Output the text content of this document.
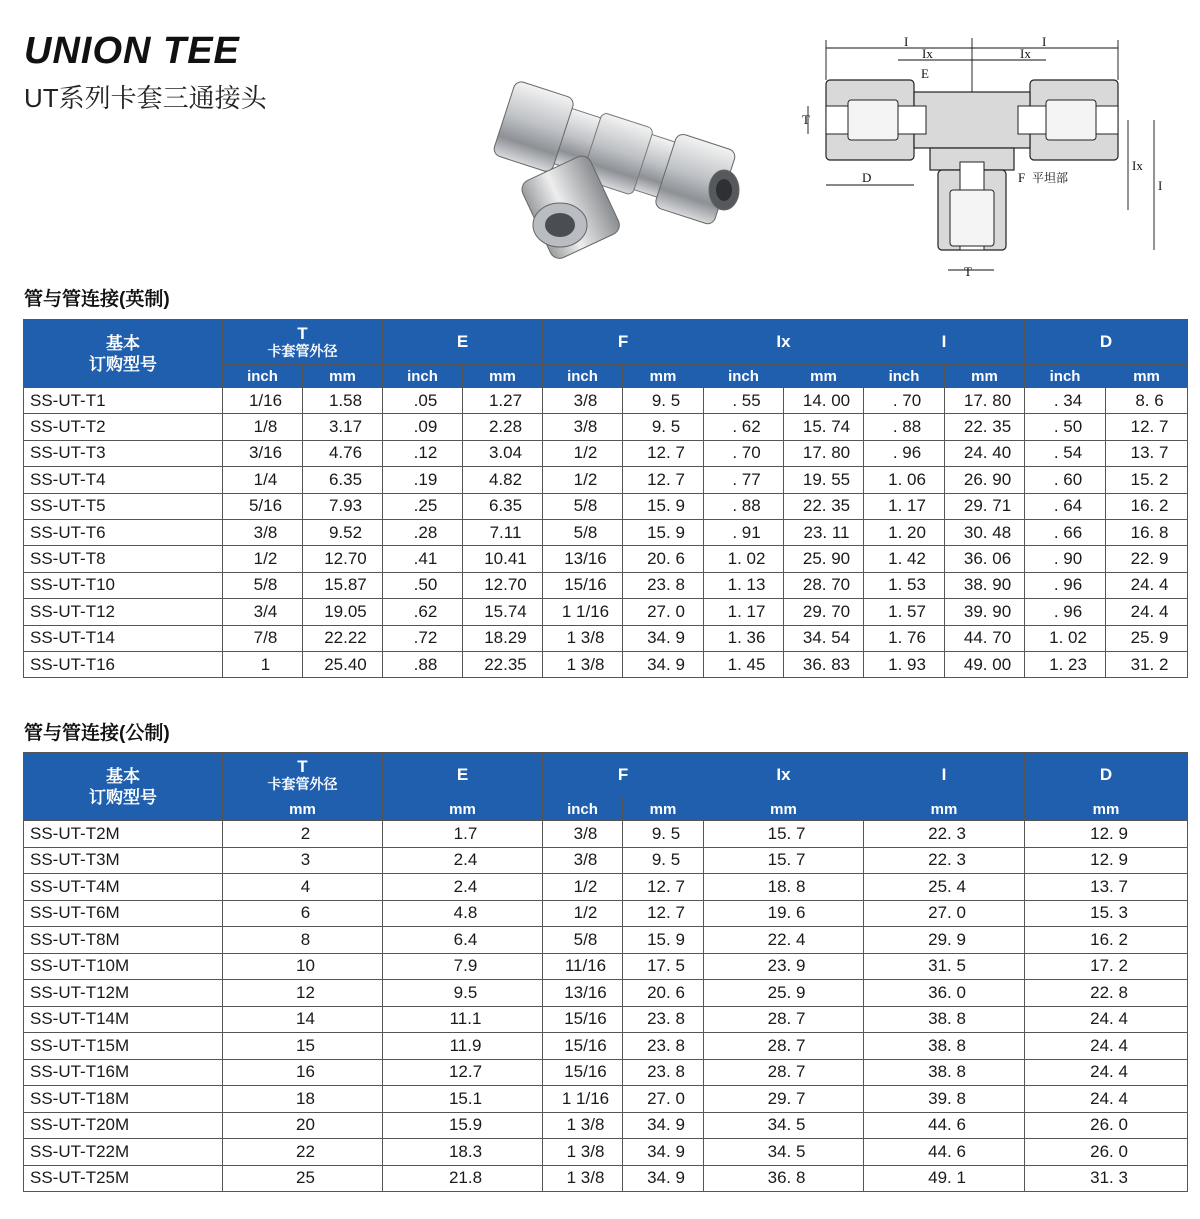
UNION TEE
UT系列卡套三通接头
I
Ix	Ix
I
E
T
D	F 平坦部
Ix
I
T
管与管连接(英制)
基本
订购型号	T
卡套管外径		E		F		Ix		I		D	
	inch	mm	inch	mm	inch	mm	inch	mm	inch	mm	inch	mm
SS-UT-T1	1/16	1.58	.05	1.27	3/8	9. 5	. 55	14. 00	. 70	17. 80	. 34	8. 6
SS-UT-T2	1/8	3.17	.09	2.28	3/8	9. 5	. 62	15. 74	. 88	22. 35	. 50	12. 7
SS-UT-T3	3/16	4.76	.12	3.04	1/2	12. 7	. 70	17. 80	. 96	24. 40	. 54	13. 7
SS-UT-T4	1/4	6.35	.19	4.82	1/2	12. 7	. 77	19. 55	1. 06	26. 90	. 60	15. 2
SS-UT-T5	5/16	7.93	.25	6.35	5/8	15. 9	. 88	22. 35	1. 17	29. 71	. 64	16. 2
SS-UT-T6	3/8	9.52	.28	7.11	5/8	15. 9	. 91	23. 11	1. 20	30. 48	. 66	16. 8
SS-UT-T8	1/2	12.70	.41	10.41	13/16	20. 6	1. 02	25. 90	1. 42	36. 06	. 90	22. 9
SS-UT-T10	5/8	15.87	.50	12.70	15/16	23. 8	1. 13	28. 70	1. 53	38. 90	. 96	24. 4
SS-UT-T12	3/4	19.05	.62	15.74	1 1/16	27. 0	1. 17	29. 70	1. 57	39. 90	. 96	24. 4
SS-UT-T14	7/8	22.22	.72	18.29	1 3/8	34. 9	1. 36	34. 54	1. 76	44. 70	1. 02	25. 9
SS-UT-T16	1	25.40	.88	22.35	1 3/8	34. 9	1. 45	36. 83	1. 93	49. 00	1. 23	31. 2
管与管连接(公制)
基本
订购型号	T
卡套管外径	E	F		Ix	I	D
	mm	mm	inch	mm	mm	mm	mm
SS-UT-T2M	2	1.7	3/8	9. 5	15. 7	22. 3	12. 9
SS-UT-T3M	3	2.4	3/8	9. 5	15. 7	22. 3	12. 9
SS-UT-T4M	4	2.4	1/2	12. 7	18. 8	25. 4	13. 7
SS-UT-T6M	6	4.8	1/2	12. 7	19. 6	27. 0	15. 3
SS-UT-T8M	8	6.4	5/8	15. 9	22. 4	29. 9	16. 2
SS-UT-T10M	10	7.9	11/16	17. 5	23. 9	31. 5	17. 2
SS-UT-T12M	12	9.5	13/16	20. 6	25. 9	36. 0	22. 8
SS-UT-T14M	14	11.1	15/16	23. 8	28. 7	38. 8	24. 4
SS-UT-T15M	15	11.9	15/16	23. 8	28. 7	38. 8	24. 4
SS-UT-T16M	16	12.7	15/16	23. 8	28. 7	38. 8	24. 4
SS-UT-T18M	18	15.1	1 1/16	27. 0	29. 7	39. 8	24. 4
SS-UT-T20M	20	15.9	1 3/8	34. 9	34. 5	44. 6	26. 0
SS-UT-T22M	22	18.3	1 3/8	34. 9	34. 5	44. 6	26. 0
SS-UT-T25M	25	21.8	1 3/8	34. 9	36. 8	49. 1	31. 3
